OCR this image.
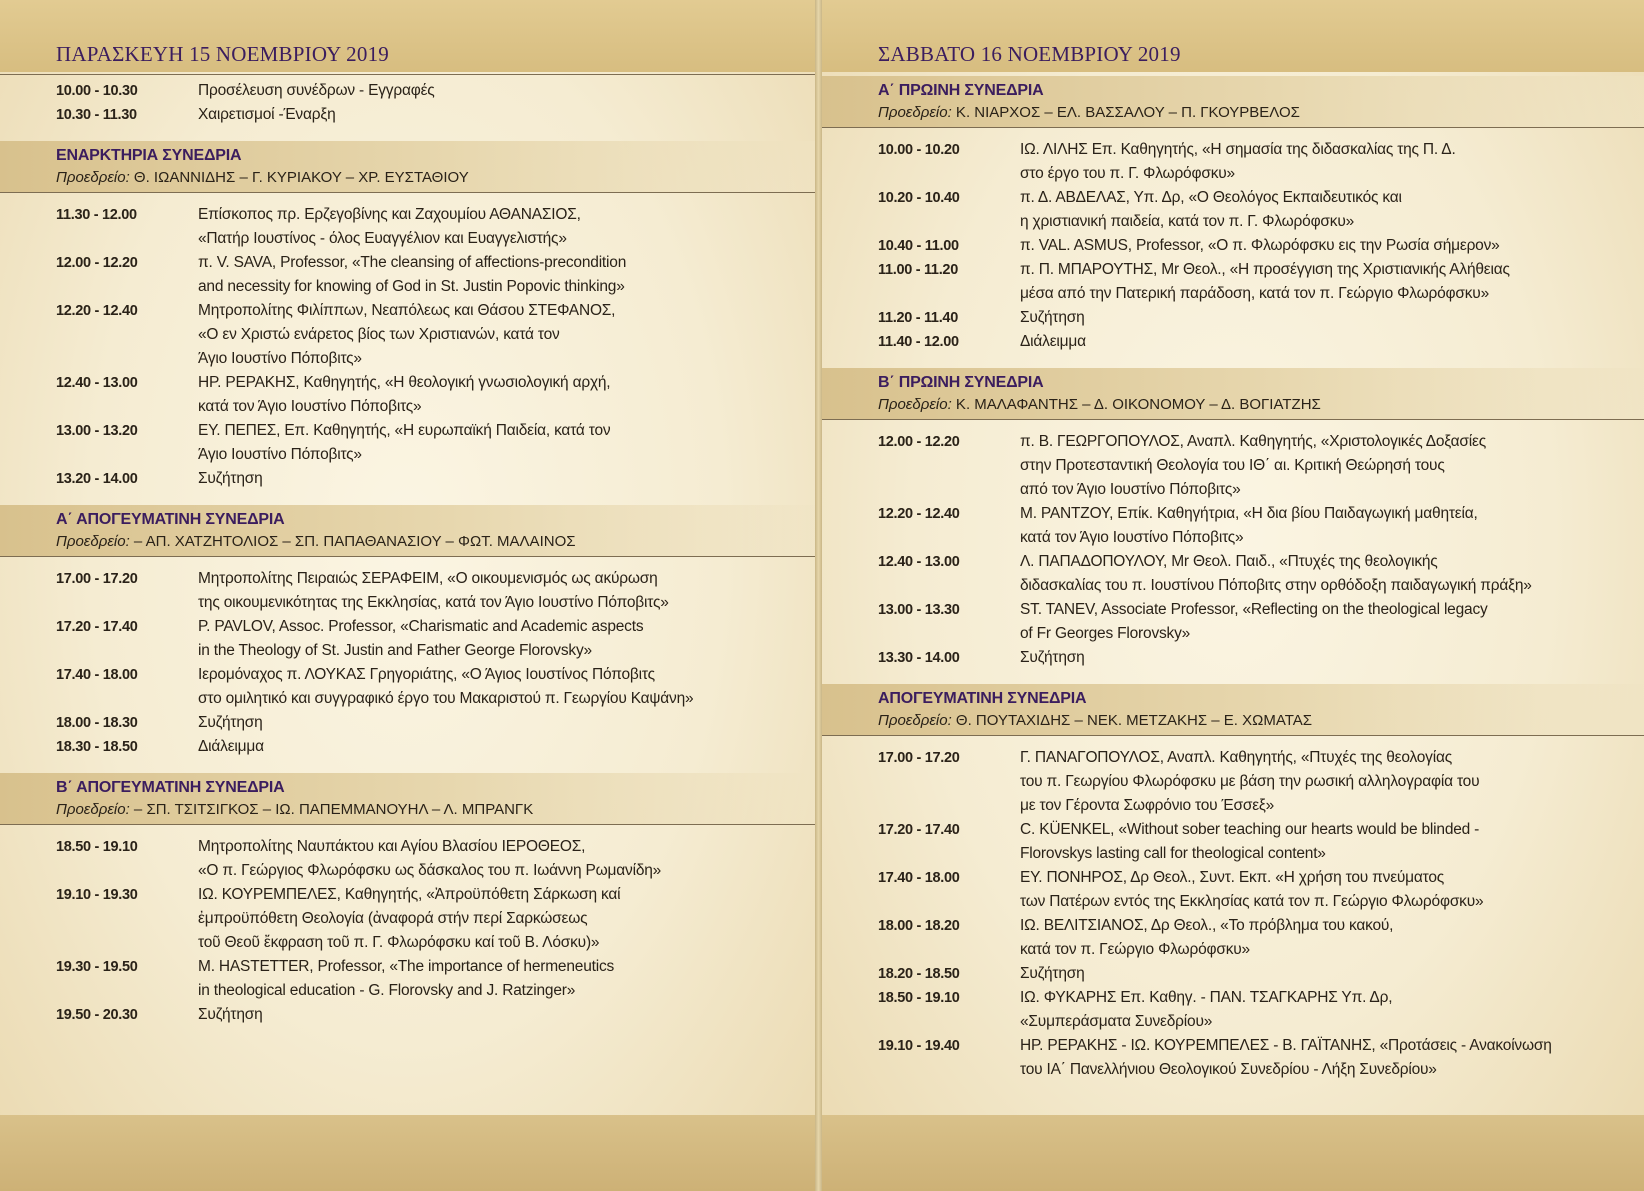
ΠΑΡΑΣΚΕΥΗ 15 ΝΟΕΜΒΡΙΟΥ 2019
10.00 - 10.30	Προσέλευση συνέδρων - Εγγραφές
10.30 - 11.30	Χαιρετισμοί -Έναρξη
ΕΝΑΡΚΤΗΡΙΑ ΣΥΝΕΔΡΙΑ
Προεδρείο: Θ. ΙΩΑΝΝΙΔΗΣ – Γ. ΚΥΡΙΑΚΟΥ – ΧΡ. ΕΥΣΤΑΘΙΟΥ
11.30 - 12.00	Επίσκοπος πρ. Ερζεγοβίνης και Ζαχουμίου ΑΘΑΝΑΣΙΟΣ,
«Πατήρ Ιουστίνος - όλος Ευαγγέλιον και Ευαγγελιστής»
12.00 - 12.20	π. V. SAVA, Professor, «The cleansing of affections-precondition
and necessity for knowing of God in St. Justin Popovic thinking»
12.20 - 12.40	Μητροπολίτης Φιλίππων, Νεαπόλεως και Θάσου ΣΤΕΦΑΝΟΣ,
«Ο εν Χριστώ ενάρετος βίος των Χριστιανών, κατά τον
Άγιο Ιουστίνο Πόποβιτς»
12.40 - 13.00	ΗΡ. ΡΕΡΑΚΗΣ, Καθηγητής, «Η θεολογική γνωσιολογική αρχή,
κατά τον Άγιο Ιουστίνο Πόποβιτς»
13.00 - 13.20	ΕΥ. ΠΕΠΕΣ, Επ. Καθηγητής, «Η ευρωπαϊκή Παιδεία, κατά τον
Άγιο Ιουστίνο Πόποβιτς»
13.20 - 14.00	Συζήτηση
Α΄ ΑΠΟΓΕΥΜΑΤΙΝΗ ΣΥΝΕΔΡΙΑ
Προεδρείο: – ΑΠ. ΧΑΤΖΗΤΟΛΙΟΣ – ΣΠ. ΠΑΠΑΘΑΝΑΣΙΟΥ – ΦΩΤ. ΜΑΛΑΙΝΟΣ
17.00 - 17.20	Μητροπολίτης Πειραιώς ΣΕΡΑΦΕΙΜ, «Ο οικουμενισμός ως ακύρωση
της οικουμενικότητας της Εκκλησίας, κατά τον Άγιο Ιουστίνο Πόποβιτς»
17.20 - 17.40	P. PAVLOV, Assoc. Professor, «Charismatic and Academic aspects
in the Theology of St. Justin and Father George Florovsky»
17.40 - 18.00	Ιερομόναχος π. ΛΟΥΚΑΣ Γρηγοριάτης, «Ο Άγιος Ιουστίνος Πόποβιτς
στο ομιλητικό και συγγραφικό έργο του Μακαριστού π. Γεωργίου Καψάνη»
18.00 - 18.30	Συζήτηση
18.30 - 18.50	Διάλειμμα
Β΄ ΑΠΟΓΕΥΜΑΤΙΝΗ ΣΥΝΕΔΡΙΑ
Προεδρείο: – ΣΠ. ΤΣΙΤΣΙΓΚΟΣ – ΙΩ. ΠΑΠΕΜΜΑΝΟΥΗΛ – Λ. ΜΠΡΑΝΓΚ
18.50 - 19.10	Μητροπολίτης Ναυπάκτου και Αγίου Βλασίου ΙΕΡΟΘΕΟΣ,
«Ο π. Γεώργιος Φλωρόφσκυ ως δάσκαλος του π. Ιωάννη Ρωμανίδη»
19.10 - 19.30	ΙΩ. ΚΟΥΡΕΜΠΕΛΕΣ, Καθηγητής, «Ἀπροϋπόθετη Σάρκωση καί
ἐμπροϋπόθετη Θεολογία (ἀναφορά στήν περί Σαρκώσεως
τοῦ Θεοῦ ἔκφραση τοῦ π. Γ. Φλωρόφσκυ καί τοῦ Β. Λόσκυ)»
19.30 - 19.50	M. HASTETTER, Professor, «The importance of hermeneutics
in theological education - G. Florovsky and J. Ratzinger»
19.50 - 20.30	Συζήτηση
ΣΑΒΒΑΤΟ 16 ΝΟΕΜΒΡΙΟΥ 2019
Α΄ ΠΡΩΙΝΗ ΣΥΝΕΔΡΙΑ
Προεδρείο: Κ. ΝΙΑΡΧΟΣ – ΕΛ. ΒΑΣΣΑΛΟΥ – Π. ΓΚΟΥΡΒΕΛΟΣ
10.00 - 10.20	ΙΩ. ΛΙΛΗΣ Επ. Καθηγητής, «Η σημασία της διδασκαλίας της Π. Δ.
στο έργο του π. Γ. Φλωρόφσκυ»
10.20 - 10.40	π. Δ. ΑΒΔΕΛΑΣ, Υπ. Δρ, «Ο Θεολόγος Εκπαιδευτικός και
η χριστιανική παιδεία, κατά τον π. Γ. Φλωρόφσκυ»
10.40 - 11.00	π. VAL. ASMUS, Professor, «Ο π. Φλωρόφσκυ εις την Ρωσία σήμερον»
11.00 - 11.20	π. Π. ΜΠΑΡΟΥΤΗΣ, Mr Θεολ., «Η προσέγγιση της Χριστιανικής Αλήθειας
μέσα από την Πατερική παράδοση, κατά τον π. Γεώργιο Φλωρόφσκυ»
11.20 - 11.40	Συζήτηση
11.40 - 12.00	Διάλειμμα
Β΄ ΠΡΩΙΝΗ ΣΥΝΕΔΡΙΑ
Προεδρείο: Κ. ΜΑΛΑΦΑΝΤΗΣ – Δ. ΟΙΚΟΝΟΜΟΥ – Δ. ΒΟΓΙΑΤΖΗΣ
12.00 - 12.20	π. Β. ΓΕΩΡΓΟΠΟΥΛΟΣ, Αναπλ. Καθηγητής, «Χριστολογικές Δοξασίες
στην Προτεσταντική Θεολογία του ΙΘ΄ αι. Κριτική Θεώρησή τους
από τον Άγιο Ιουστίνο Πόποβιτς»
12.20 - 12.40	Μ. ΡΑΝΤΖΟΥ, Επίκ. Καθηγήτρια, «Η δια βίου Παιδαγωγική μαθητεία,
κατά τον Άγιο Ιουστίνο Πόποβιτς»
12.40 - 13.00	Λ. ΠΑΠΑΔΟΠΟΥΛΟΥ, Mr Θεολ. Παιδ., «Πτυχές της θεολογικής
διδασκαλίας του π. Ιουστίνου Πόποβιτς στην ορθόδοξη παιδαγωγική πράξη»
13.00 - 13.30	ST. TANEV, Associate Professor, «Reflecting on the theological legacy
of Fr Georges Florovsky»
13.30 - 14.00	Συζήτηση
ΑΠΟΓΕΥΜΑΤΙΝΗ ΣΥΝΕΔΡΙΑ
Προεδρείο: Θ. ΠΟΥΤΑΧΙΔΗΣ – ΝΕΚ. ΜΕΤΖΑΚΗΣ – Ε. ΧΩΜΑΤΑΣ
17.00 - 17.20	Γ. ΠΑΝΑΓΟΠΟΥΛΟΣ, Αναπλ. Καθηγητής, «Πτυχές της θεολογίας
του π. Γεωργίου Φλωρόφσκυ με βάση την ρωσική αλληλογραφία του
με τον Γέροντα Σωφρόνιο του Έσσεξ»
17.20 - 17.40	C. KÜENKEL, «Without sober teaching our hearts would be blinded -
Florovskys lasting call for theological content»
17.40 - 18.00	ΕΥ. ΠΟΝΗΡΟΣ, Δρ Θεολ., Συντ. Εκπ. «Η χρήση του πνεύματος
των Πατέρων εντός της Εκκλησίας κατά τον π. Γεώργιο Φλωρόφσκυ»
18.00 - 18.20	ΙΩ. ΒΕΛΙΤΣΙΑΝΟΣ, Δρ Θεολ., «Το πρόβλημα του κακού,
κατά τον π. Γεώργιο Φλωρόφσκυ»
18.20 - 18.50	Συζήτηση
18.50 - 19.10	ΙΩ. ΦΥΚΑΡΗΣ Επ. Καθηγ. - ΠΑΝ. ΤΣΑΓΚΑΡΗΣ Υπ. Δρ,
«Συμπεράσματα Συνεδρίου»
19.10 - 19.40	ΗΡ. ΡΕΡΑΚΗΣ - ΙΩ. ΚΟΥΡΕΜΠΕΛΕΣ - Β. ΓΑΪΤΑΝΗΣ, «Προτάσεις - Ανακοίνωση
του ΙΑ΄ Πανελλήνιου Θεολογικού Συνεδρίου - Λήξη Συνεδρίου»
